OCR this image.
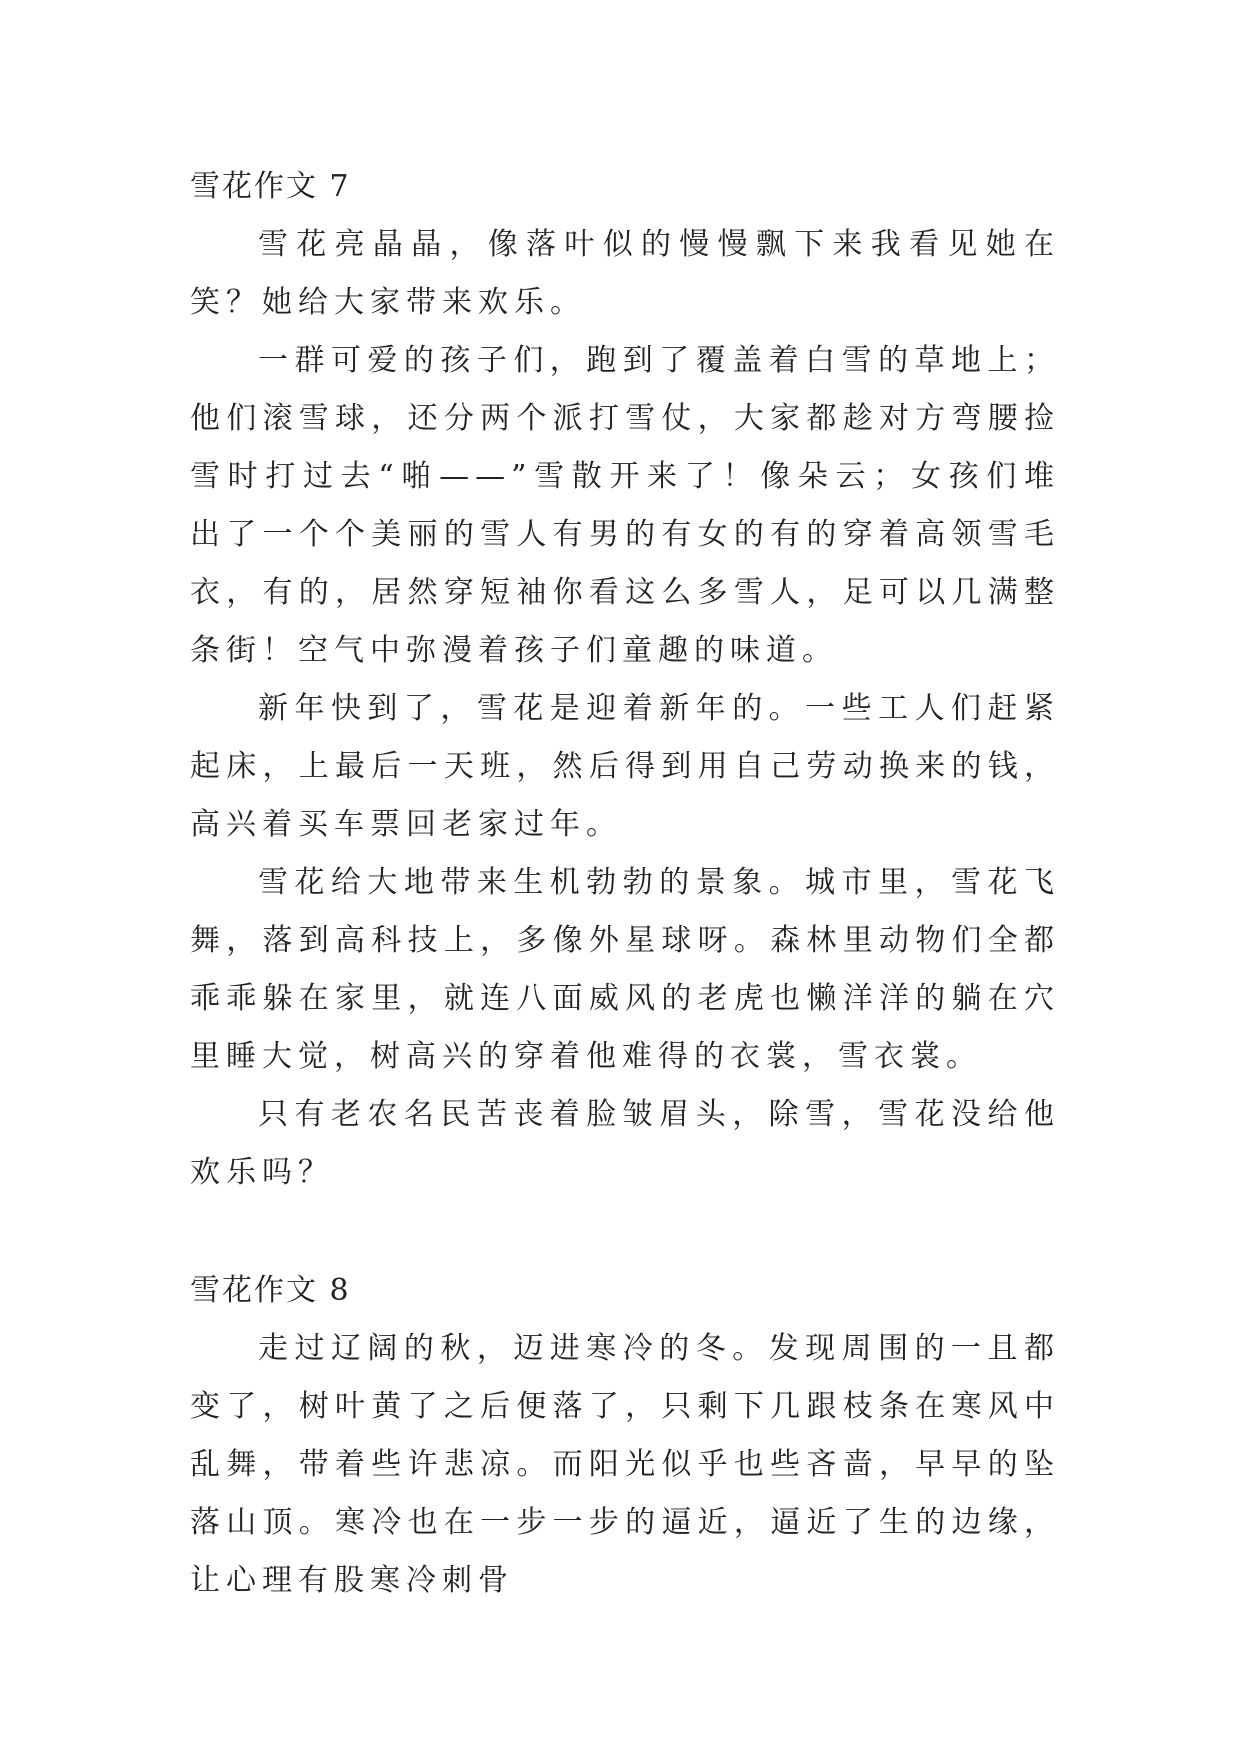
雪花作文 7

雪花亮晶晶，像落叶似的慢慢飘下来我看见她在笑？她给大家带来欢乐。

一群可爱的孩子们，跑到了覆盖着白雪的草地上；他们滚雪球，还分两个派打雪仗，大家都趁对方弯腰捡雪时打过去“啪——”雪散开来了！像朵云；女孩们堆出了一个个美丽的雪人有男的有女的有的穿着高领雪毛衣，有的，居然穿短袖你看这么多雪人，足可以几满整条街！空气中弥漫着孩子们童趣的味道。

新年快到了，雪花是迎着新年的。一些工人们赶紧起床，上最后一天班，然后得到用自己劳动换来的钱，高兴着买车票回老家过年。

雪花给大地带来生机勃勃的景象。城市里，雪花飞舞，落到高科技上，多像外星球呀。森林里动物们全都乖乖躲在家里，就连八面威风的老虎也懒洋洋的躺在穴里睡大觉，树高兴的穿着他难得的衣裳，雪衣裳。

只有老农名民苦丧着脸皱眉头，除雪，雪花没给他欢乐吗？

雪花作文 8

走过辽阔的秋，迈进寒冷的冬。发现周围的一且都变了，树叶黄了之后便落了，只剩下几跟枝条在寒风中乱舞，带着些许悲凉。而阳光似乎也些吝啬，早早的坠落山顶。寒冷也在一步一步的逼近，逼近了生的边缘，让心理有股寒冷刺骨
